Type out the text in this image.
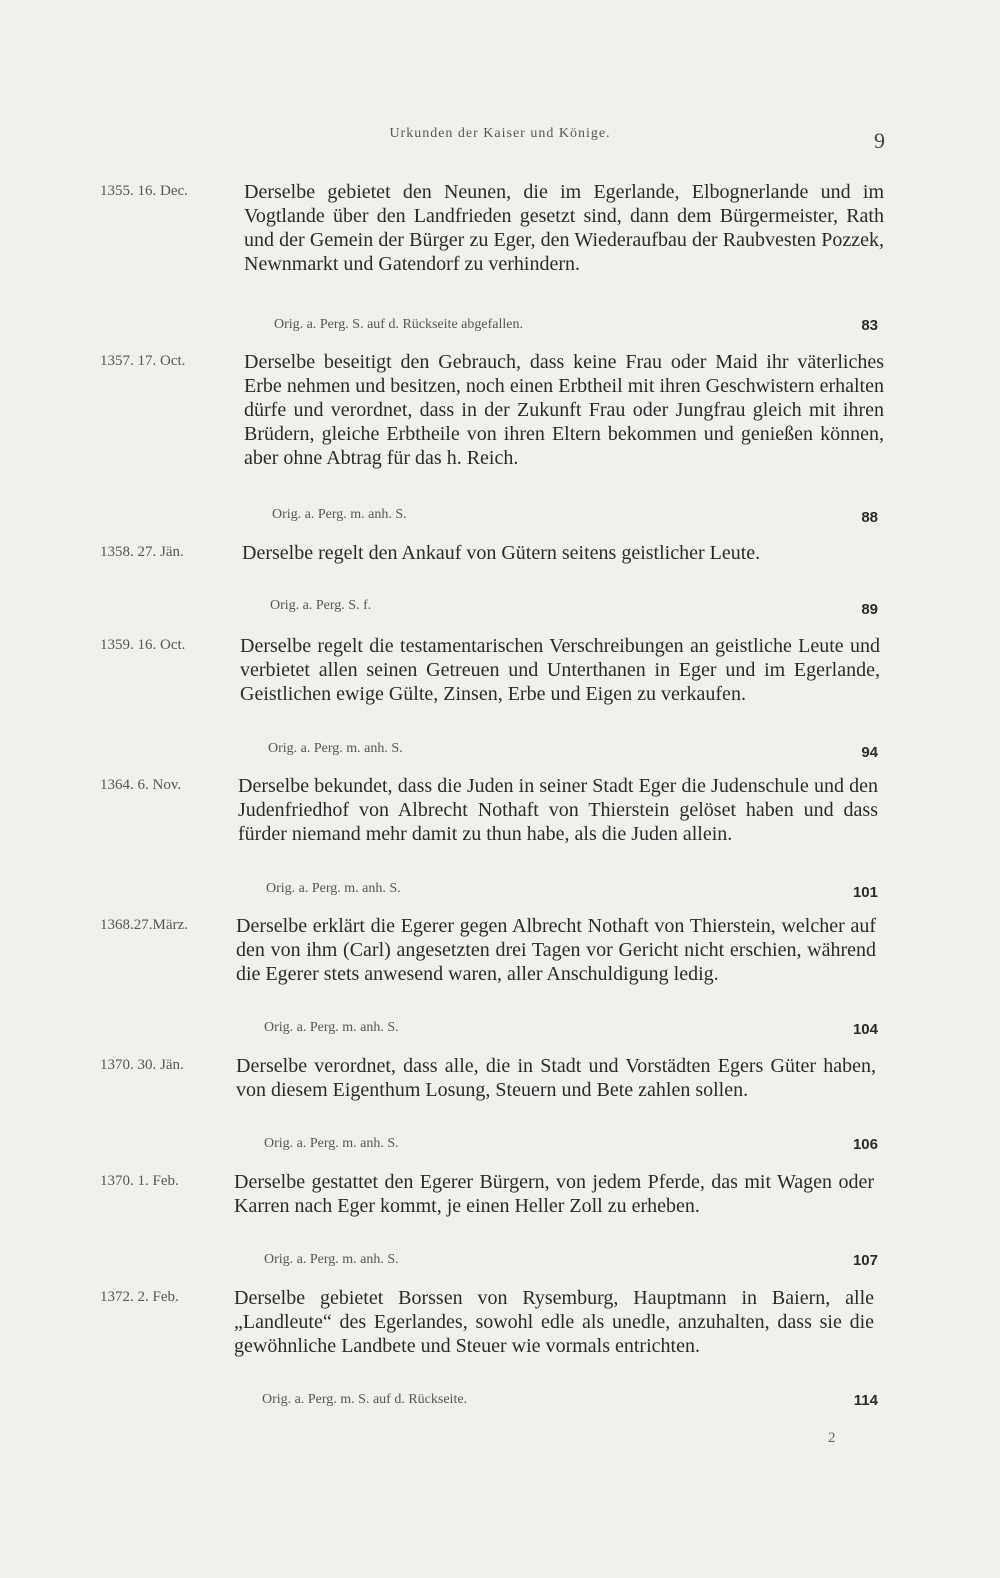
Urkunden der Kaiser und Könige.	9
1355. 16. Dec.	Derselbe gebietet den Neunen, die im Egerlande, Elbognerlande und im Vogtlande über den Landfrieden gesetzt sind, dann dem Bürgermeister, Rath und der Gemein der Bürger zu Eger, den Wiederaufbau der Raubvesten Pozzek, Newnmarkt und Gatendorf zu verhindern.
Orig. a. Perg. S. auf d. Rückseite abgefallen.	83
1357. 17. Oct.	Derselbe beseitigt den Gebrauch, dass keine Frau oder Maid ihr väterliches Erbe nehmen und besitzen, noch einen Erbtheil mit ihren Geschwistern erhalten dürfe und verordnet, dass in der Zukunft Frau oder Jungfrau gleich mit ihren Brüdern, gleiche Erbtheile von ihren Eltern bekommen und genießen können, aber ohne Abtrag für das h. Reich.
Orig. a. Perg. m. anh. S.	88
1358. 27. Jän.	Derselbe regelt den Ankauf von Gütern seitens geistlicher Leute.
Orig. a. Perg. S. f.	89
1359. 16. Oct.	Derselbe regelt die testamentarischen Verschreibungen an geistliche Leute und verbietet allen seinen Getreuen und Unterthanen in Eger und im Egerlande, Geistlichen ewige Gülte, Zinsen, Erbe und Eigen zu verkaufen.
Orig. a. Perg. m. anh. S.	94
1364. 6. Nov.	Derselbe bekundet, dass die Juden in seiner Stadt Eger die Judenschule und den Judenfriedhof von Albrecht Nothaft von Thierstein gelöset haben und dass fürder niemand mehr damit zu thun habe, als die Juden allein.
Orig. a. Perg. m. anh. S.	101
1368.27.März.	Derselbe erklärt die Egerer gegen Albrecht Nothaft von Thierstein, welcher auf den von ihm (Carl) angesetzten drei Tagen vor Gericht nicht erschien, während die Egerer stets anwesend waren, aller Anschuldigung ledig.
Orig. a. Perg. m. anh. S.	104
1370. 30. Jän.	Derselbe verordnet, dass alle, die in Stadt und Vorstädten Egers Güter haben, von diesem Eigenthum Losung, Steuern und Bete zahlen sollen.
Orig. a. Perg. m. anh. S.	106
1370. 1. Feb.	Derselbe gestattet den Egerer Bürgern, von jedem Pferde, das mit Wagen oder Karren nach Eger kommt, je einen Heller Zoll zu erheben.
Orig. a. Perg. m. anh. S.	107
1372. 2. Feb.	Derselbe gebietet Borssen von Rysemburg, Hauptmann in Baiern, alle „Landleute“ des Egerlandes, sowohl edle als unedle, anzuhalten, dass sie die gewöhnliche Landbete und Steuer wie vormals entrichten.
Orig. a. Perg. m. S. auf d. Rückseite.	114
2
